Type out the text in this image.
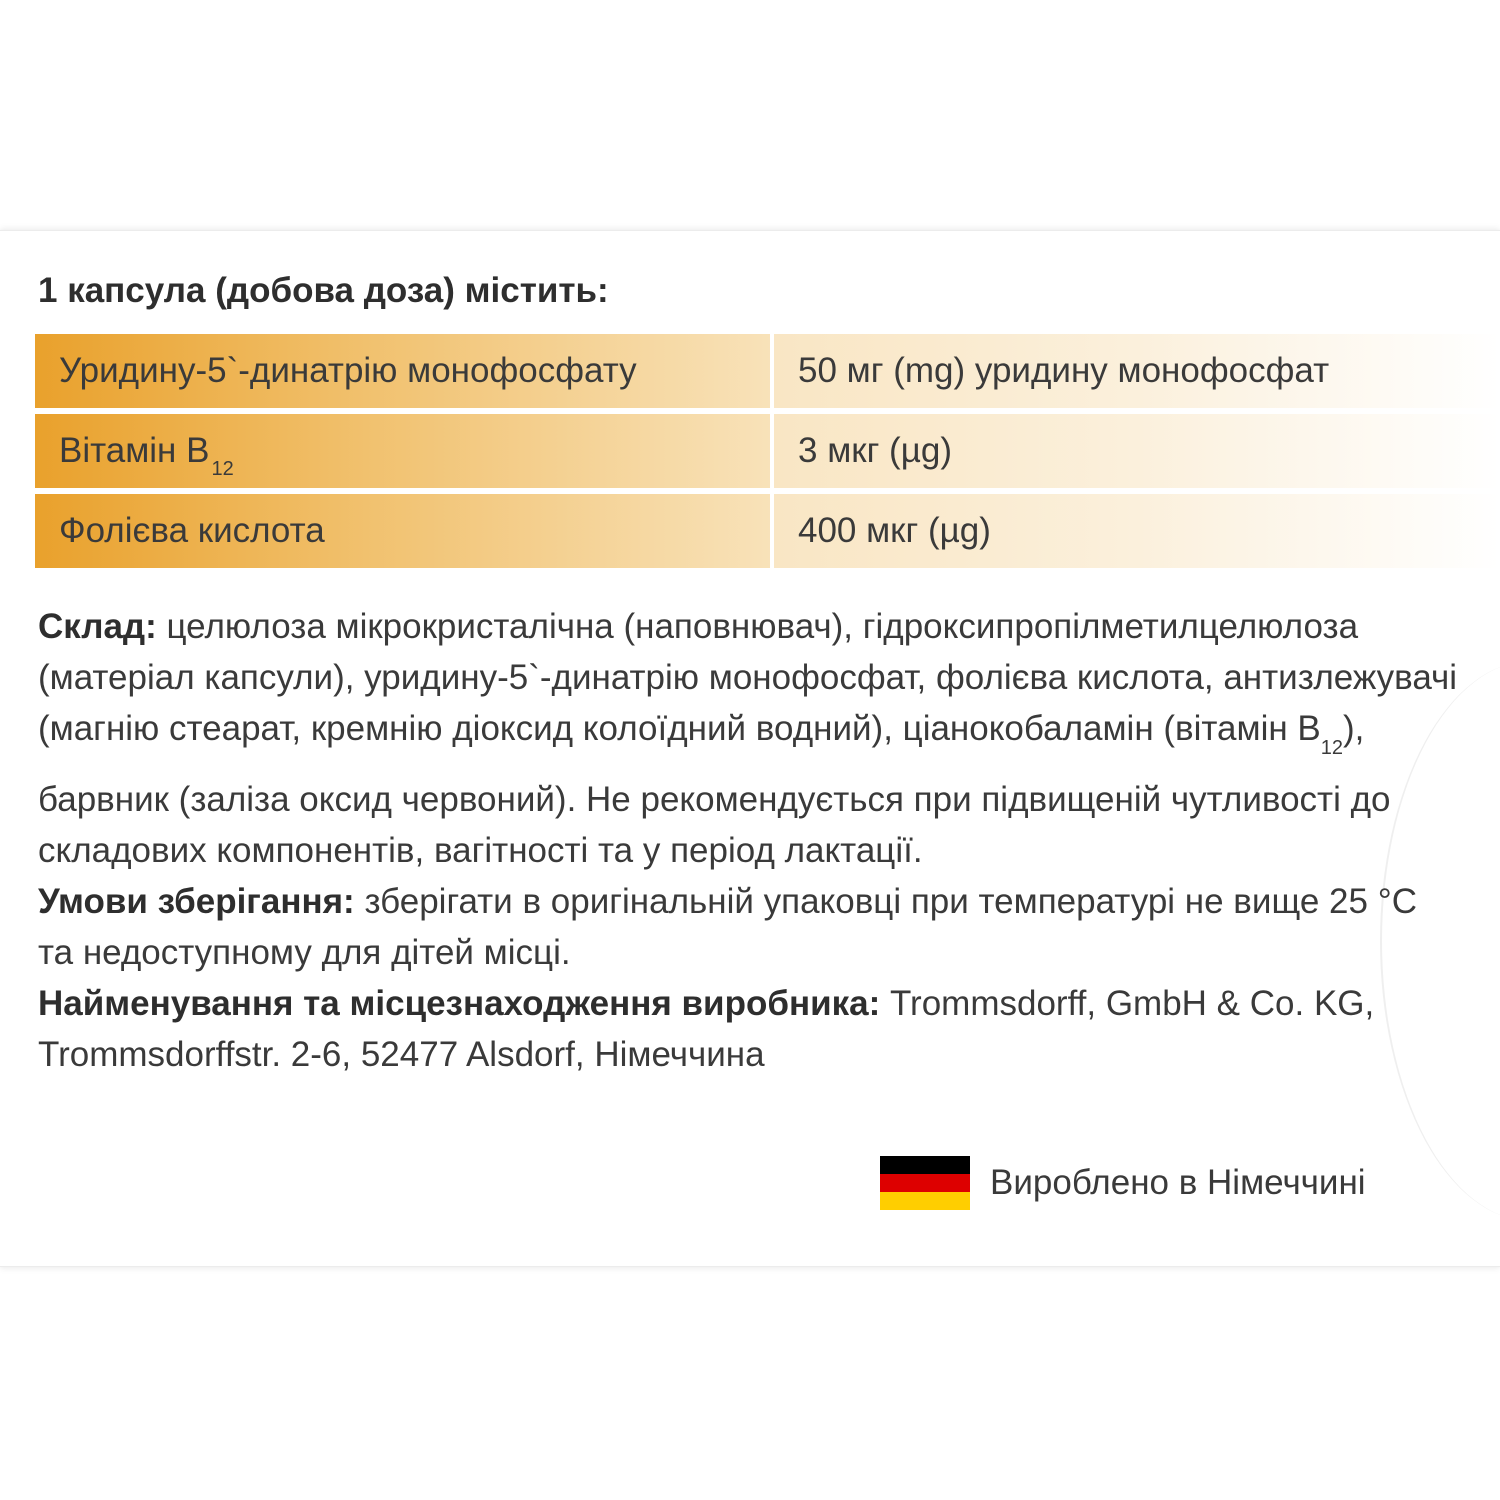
1 капсула (добова доза) містить:
Уридину-5`-динатрію монофосфату	50 мг (mg) уридину монофосфат
Вітамін B 12	3 мкг (µg)
Фолієва кислота	400 мкг (µg)

Склад: целюлоза мікрокристалічна (наповнювач), гідроксипропілметилцелюлоза (матеріал капсули), уридину-5`-динатрію монофосфат, фолієва кислота, антизлежувачі (магнію стеарат, кремнію діоксид колоїдний водний), ціанокобаламін (вітамін $B_{12}$), барвник (заліза оксид червоний). Не рекомендується при підвищеній чутливості до складових компонентів, вагітності та у період лактації.

Умови зберігання: зберігати в оригінальній упаковці при температурі не вище 25 °С та недоступному для дітей місці.

Найменування та місцезнаходження виробника: Trommsdorff, GmbH & Co. KG, Trommsdorffstr. 2-6, 52477 Alsdorf, Німеччина

Вироблено в Німеччині
